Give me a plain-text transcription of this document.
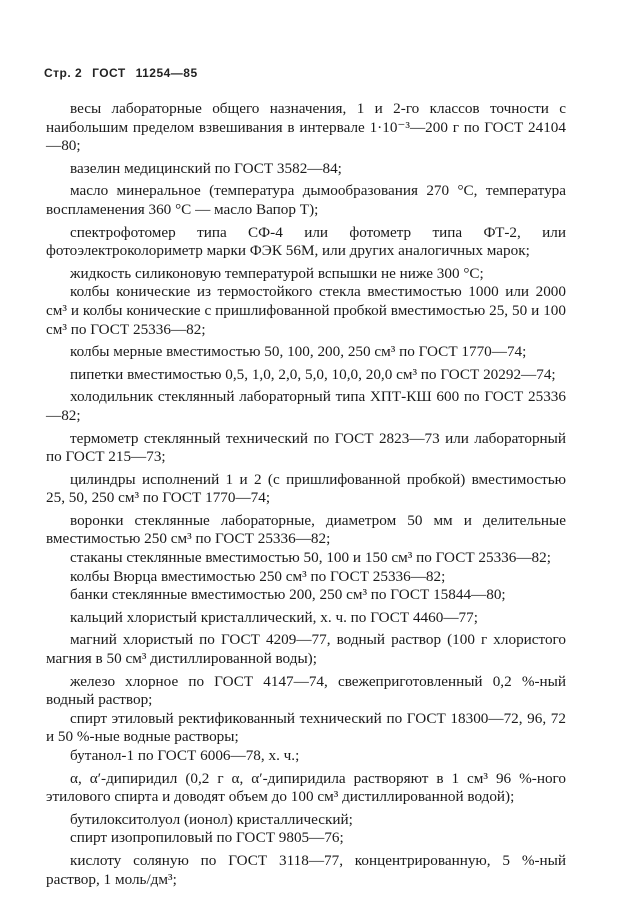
Стр. 2 ГОСТ 11254—85

весы лабораторные общего назначения, 1 и 2-го классов точности с наибольшим пределом взвешивания в интервале 1·10⁻³—200 г по ГОСТ 24104—80;

вазелин медицинский по ГОСТ 3582—84;

масло минеральное (температура дымообразования 270 °С, температура воспламенения 360 °С — масло Вапор Т);

спектрофотомер типа СФ-4 или фотометр типа ФТ-2, или фотоэлектроколориметр марки ФЭК 56М, или других аналогичных марок;

жидкость силиконовую температурой вспышки не ниже 300 °С;

колбы конические из термостойкого стекла вместимостью 1000 или 2000 см³ и колбы конические с пришлифованной пробкой вместимостью 25, 50 и 100 см³ по ГОСТ 25336—82;

колбы мерные вместимостью 50, 100, 200, 250 см³ по ГОСТ 1770—74;

пипетки вместимостью 0,5, 1,0, 2,0, 5,0, 10,0, 20,0 см³ по ГОСТ 20292—74;

холодильник стеклянный лабораторный типа ХПТ-КШ 600 по ГОСТ 25336—82;

термометр стеклянный технический по ГОСТ 2823—73 или лабораторный по ГОСТ 215—73;

цилиндры исполнений 1 и 2 (с пришлифованной пробкой) вместимостью 25, 50, 250 см³ по ГОСТ 1770—74;

воронки стеклянные лабораторные, диаметром 50 мм и делительные вместимостью 250 см³ по ГОСТ 25336—82;

стаканы стеклянные вместимостью 50, 100 и 150 см³ по ГОСТ 25336—82;

колбы Вюрца вместимостью 250 см³ по ГОСТ 25336—82;

банки стеклянные вместимостью 200, 250 см³ по ГОСТ 15844—80;

кальций хлористый кристаллический, х. ч. по ГОСТ 4460—77;

магний хлористый по ГОСТ 4209—77, водный раствор (100 г хлористого магния в 50 см³ дистиллированной воды);

железо хлорное по ГОСТ 4147—74, свежеприготовленный 0,2 %-ный водный раствор;

спирт этиловый ректификованный технический по ГОСТ 18300—72, 96, 72 и 50 %-ные водные растворы;

бутанол-1 по ГОСТ 6006—78, х. ч.;

α, α′-дипиридил (0,2 г α, α′-дипиридила растворяют в 1 см³ 96 %-ного этилового спирта и доводят объем до 100 см³ дистиллированной водой);

бутилокситолуол (ионол) кристаллический;

спирт изопропиловый по ГОСТ 9805—76;

кислоту соляную по ГОСТ 3118—77, концентрированную, 5 %-ный раствор, 1 моль/дм³;
